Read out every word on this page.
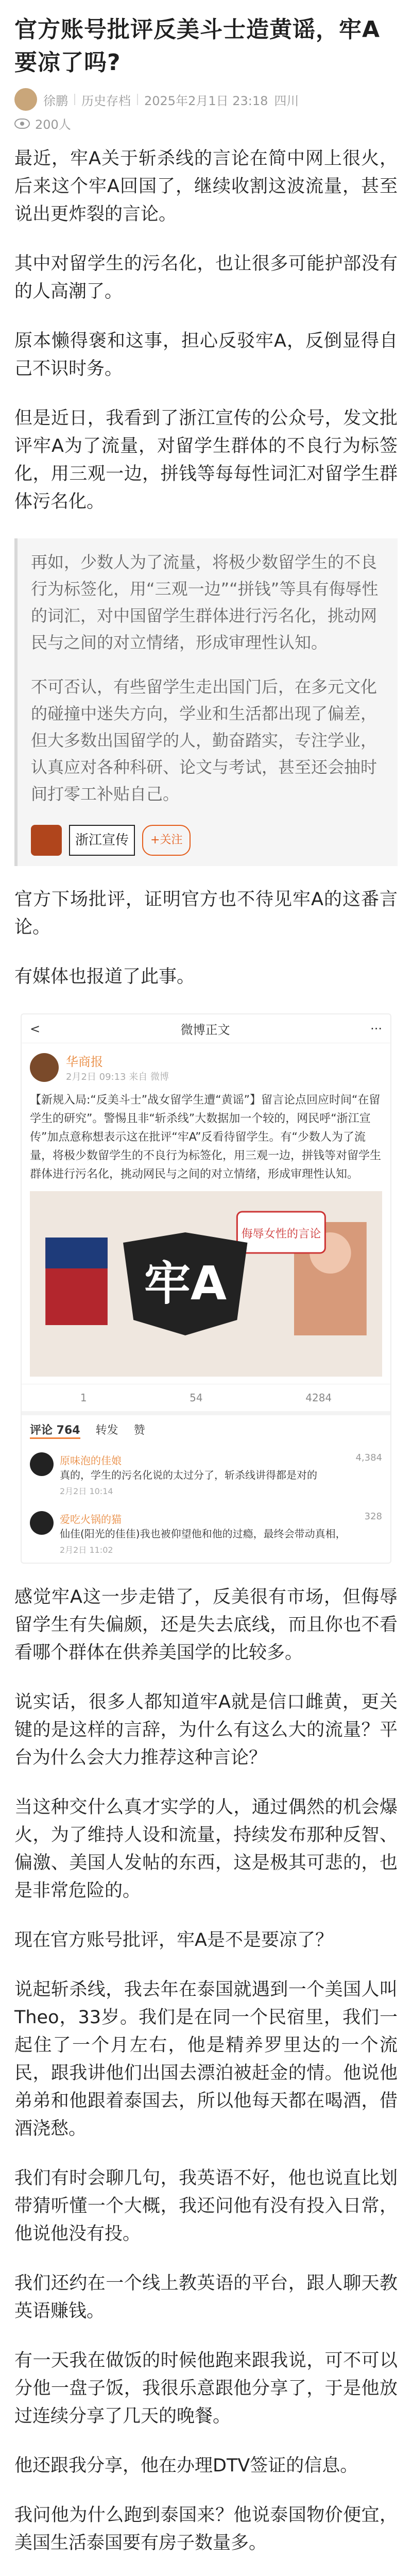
官方账号批评反美斗士造黄谣，牢A要凉了吗?
徐鹏 历史存档 2025年2月1日 23:18 四川
200人

最近，牢A关于斩杀线的言论在简中网上很火，后来这个牢A回国了，继续收割这波流量，甚至说出更炸裂的言论。

其中对留学生的污名化，也让很多可能护部没有的人高潮了。

原本懒得褒和这事，担心反驳牢A，反倒显得自己不识时务。

但是近日，我看到了浙江宣传的公众号，发文批评牢A为了流量，对留学生群体的不良行为标签化，用三观一边，拼钱等每每性词汇对留学生群体污名化。

再如，少数人为了流量，将极少数留学生的不良行为标签化，用“三观一边”“拼钱”等具有侮辱性的词汇，对中国留学生群体进行污名化，挑动网民与之间的对立情绪，形成审理性认知。

不可否认，有些留学生走出国门后，在多元文化的碰撞中迷失方向，学业和生活都出现了偏差，但大多数出国留学的人，勤奋踏实，专注学业，认真应对各种科研、论文与考试，甚至还会抽时间打零工补贴自己。

浙江宣传	+关注

官方下场批评，证明官方也不待见牢A的这番言论。

有媒体也报道了此事。

<	微博正文	···
华商报
2月2日 09:13 来自 微博
【新规入局:“反美斗士”战女留学生遭“黄谣”】留言论点回应时间“在留学生的研究”。警惕且非“斩杀线”大数据加一个较的，网民呼“浙江宣传”加点意称想表示这在批评“牢A”反看待留学生。有“少数人为了流量，将极少数留学生的不良行为标签化，用三观一边，拼钱等对留学生群体进行污名化，挑动网民与之间的对立情绪，形成审理性认知。
侮辱女性的言论
牢A
1	54	4284
评论 764 转发 赞
原味泡的佳娘
真的，学生的污名化说的太过分了，斩杀线讲得都是对的
2月2日 10:14
4,384
爱吃火锅的猫
仙佳(阳光的佳佳)我也被仰望他和他的过瘾，最终会带动真相，
2月2日 11:02
328

感觉牢A这一步走错了，反美很有市场，但侮辱留学生有失偏颇，还是失去底线，而且你也不看看哪个群体在供养美国学的比较多。

说实话，很多人都知道牢A就是信口雌黄，更关键的是这样的言辞，为什么有这么大的流量？平台为什么会大力推荐这种言论？

当这种交什么真才实学的人，通过偶然的机会爆火，为了维持人设和流量，持续发布那种反智、偏激、美国人发帖的东西，这是极其可悲的，也是非常危险的。

现在官方账号批评，牢A是不是要凉了？

说起斩杀线，我去年在泰国就遇到一个美国人叫Theo，33岁。我们是在同一个民宿里，我们一起住了一个月左右，他是精养罗里达的一个流民，跟我讲他们出国去漂泊被赶金的情。他说他弟弟和他跟着泰国去，所以他每天都在喝酒，借酒浇愁。

我们有时会聊几句，我英语不好，他也说直比划带猜听懂一个大概，我还问他有没有投入日常，他说他没有投。

我们还约在一个线上教英语的平台，跟人聊天教英语赚钱。

有一天我在做饭的时候他跑来跟我说，可不可以分他一盘子饭，我很乐意跟他分享了，于是他放过连续分享了几天的晚餐。

他还跟我分享，他在办理DTV签证的信息。

我问他为什么跑到泰国来？他说泰国物价便宜，美国生活泰国要有房子数量多。
